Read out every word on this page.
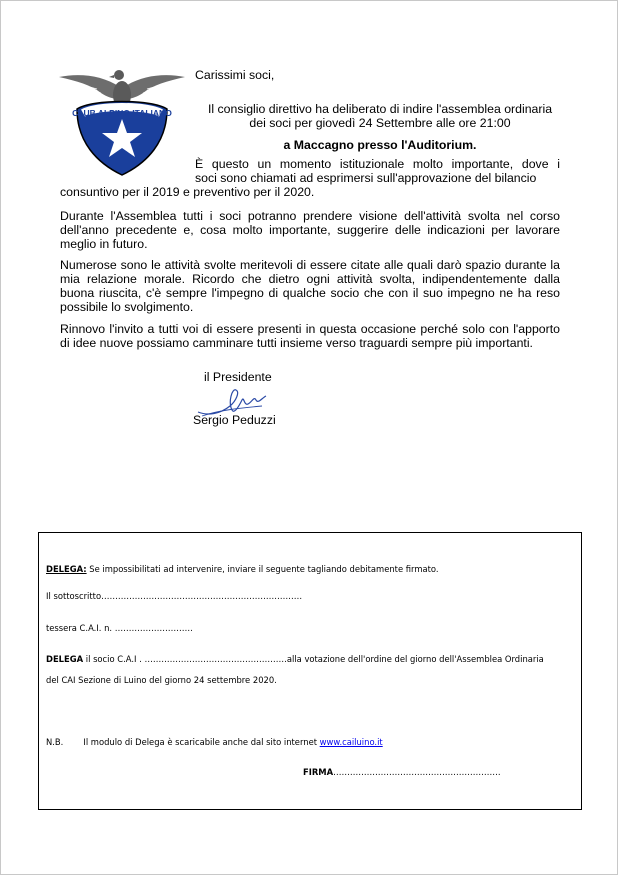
CLUB ALPINO ITALIANO
Carissimi soci,
Il consiglio direttivo ha deliberato di indire l'assemblea ordinaria
dei soci per giovedì 24 Settembre alle ore 21:00
a Maccagno presso l'Auditorium.
È questo un momento istituzionale molto importante, dove i
soci sono chiamati ad esprimersi sull'approvazione del bilancio
consuntivo per il 2019 e preventivo per il 2020.
Durante l'Assemblea tutti i soci potranno prendere visione dell'attività svolta nel corso dell'anno precedente e, cosa molto importante, suggerire delle indicazioni per lavorare meglio in futuro.
Numerose sono le attività svolte meritevoli di essere citate alle quali darò spazio durante la mia relazione morale. Ricordo che dietro ogni attività svolta, indipendentemente dalla buona riuscita, c'è sempre l'impegno di qualche socio che con il suo impegno ne ha reso possibile lo svolgimento.
Rinnovo l'invito a tutti voi di essere presenti in questa occasione perché solo con l'apporto di idee nuove possiamo camminare tutti insieme verso traguardi sempre più importanti.
il Presidente
Sergio Peduzzi
DELEGA: Se impossibilitati ad intervenire, inviare il seguente tagliando debitamente firmato.
Il sottoscritto………………………………………………………………
tessera C.A.I. n. ……………………….
DELEGA il socio C.A.I . ……………………………………………alla votazione dell'ordine del giorno dell'Assemblea Ordinaria
del CAI Sezione di Luino del giorno 24 settembre 2020.
N.B. Il modulo di Delega è scaricabile anche dal sito internet www.cailuino.it
FIRMA……………………………………………………
